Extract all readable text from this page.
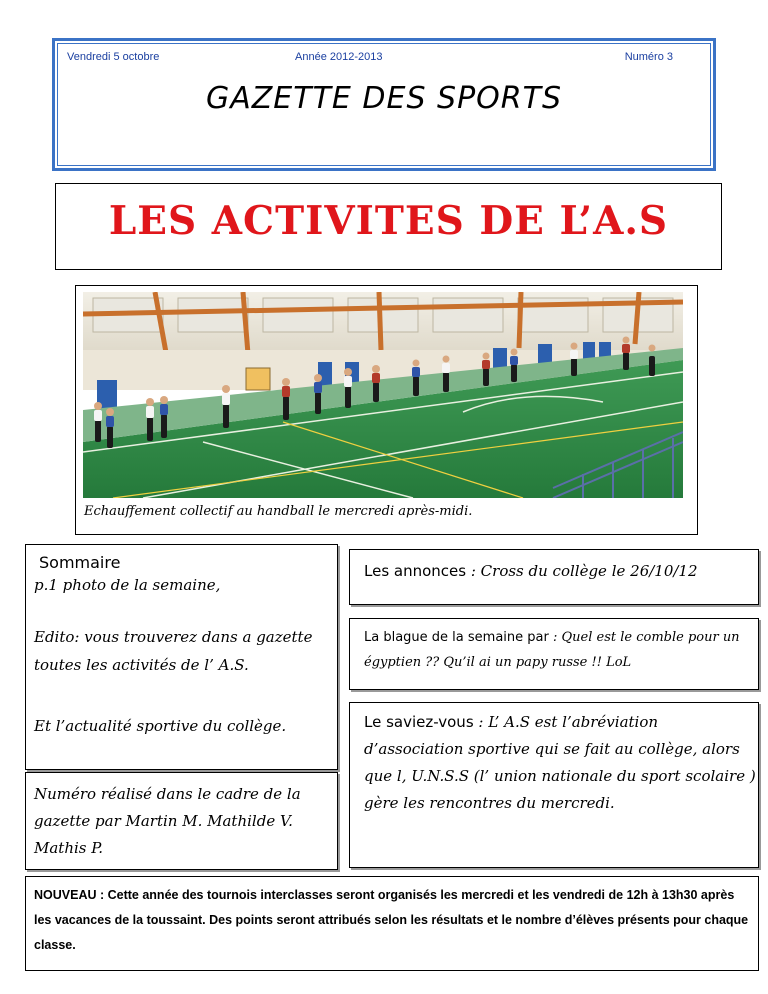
Vendredi 5 octobre	Année 2012-2013	Numéro 3
GAZETTE DES SPORTS
LES ACTIVITES DE L’A.S
Echauffement collectif au handball le mercredi après-midi.
Sommaire
p.1 photo de la semaine,
Edito: vous trouverez dans a gazette toutes les activités de l’ A.S.
Et l’actualité sportive du collège.
Numéro réalisé dans le cadre de la gazette par Martin M. Mathilde V. Mathis P.
Les annonces : Cross du collège le 26/10/12
La blague de la semaine par : Quel est le comble pour un égyptien ?? Qu’il ai un papy russe !! LoL
Le saviez-vous : L’ A.S est l’abréviation d’association sportive qui se fait au collège, alors que l, U.N.S.S (l’ union nationale du sport scolaire ) gère les rencontres du mercredi.
NOUVEAU : Cette année des tournois interclasses seront organisés les mercredi et les vendredi de 12h à 13h30 après les vacances de la toussaint. Des points seront attribués selon les résultats et le nombre d’élèves présents pour chaque classe.
